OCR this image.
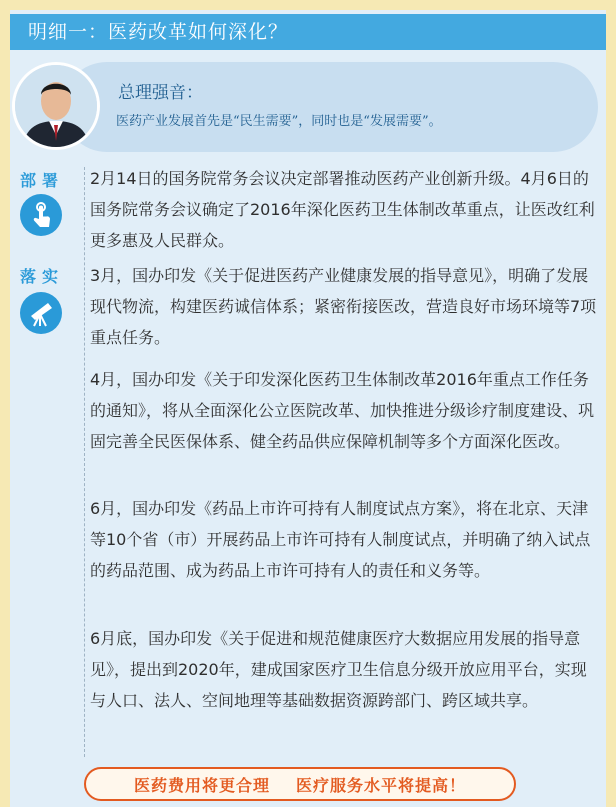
明细一：医药改革如何深化？
总理强音：
医药产业发展首先是“民生需要”，同时也是“发展需要”。
部署 2月14日的国务院常务会议决定部署推动医药产业创新升级。4月6日的国务院常务会议确定了2016年深化医药卫生体制改革重点，让医改红利更多惠及人民群众。

落实 3月，国办印发《关于促进医药产业健康发展的指导意见》，明确了发展现代物流，构建医药诚信体系；紧密衔接医改，营造良好市场环境等7项重点任务。

4月，国办印发《关于印发深化医药卫生体制改革2016年重点工作任务的通知》，将从全面深化公立医院改革、加快推进分级诊疗制度建设、巩固完善全民医保体系、健全药品供应保障机制等多个方面深化医改。

6月，国办印发《药品上市许可持有人制度试点方案》，将在北京、天津等10个省（市）开展药品上市许可持有人制度试点，并明确了纳入试点的药品范围、成为药品上市许可持有人的责任和义务等。

6月底，国办印发《关于促进和规范健康医疗大数据应用发展的指导意见》，提出到2020年，建成国家医疗卫生信息分级开放应用平台，实现与人口、法人、空间地理等基础数据资源跨部门、跨区域共享。

医药费用将更合理 医疗服务水平将提高！
